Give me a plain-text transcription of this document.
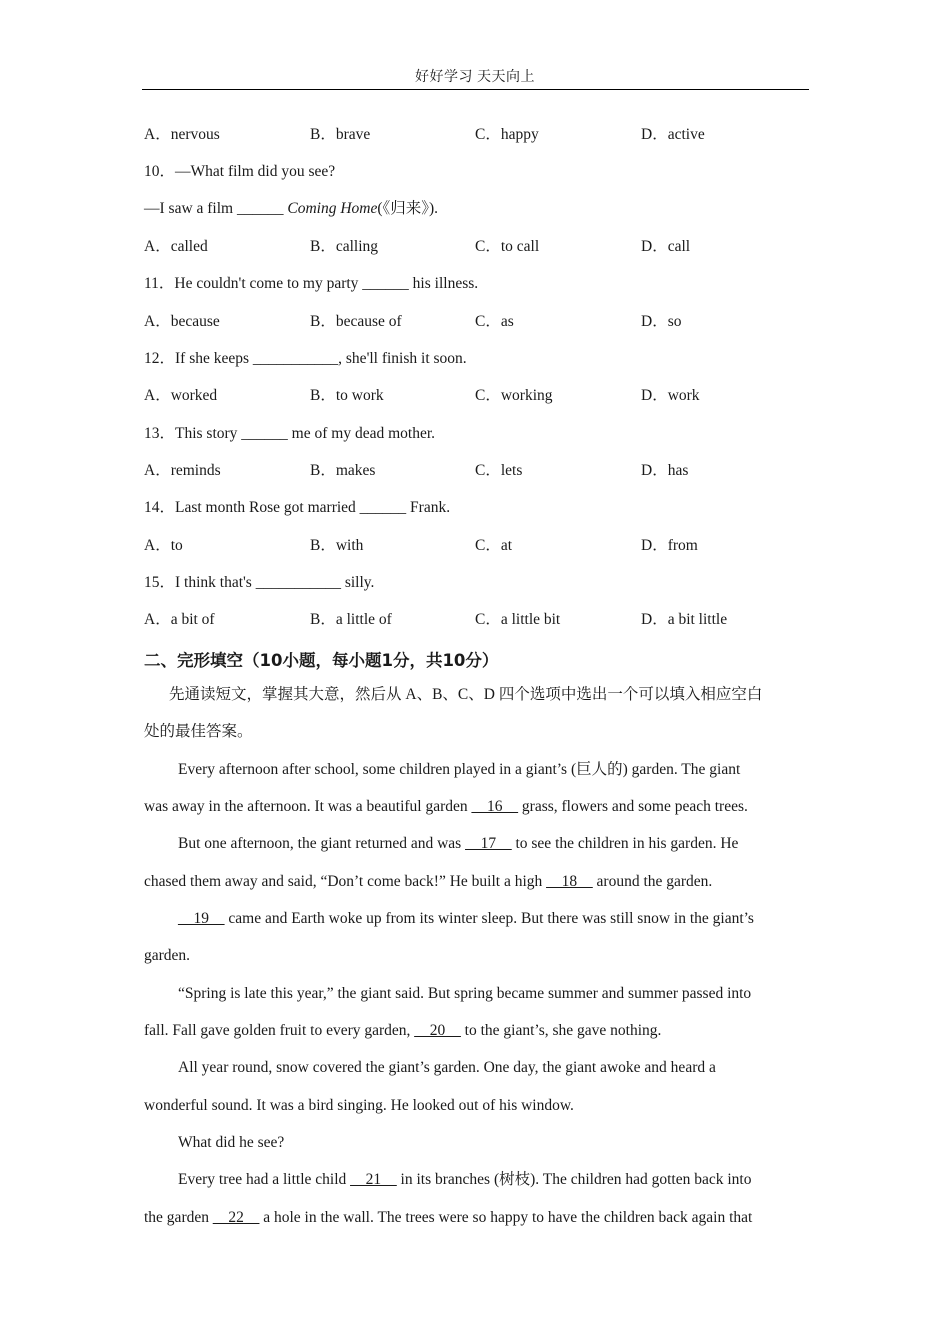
好好学习 天天向上
A．nervous	B．brave	C．happy	D．active
10．—What film did you see?
—I saw a film ______ Coming Home(《归来》).
A．called	B．calling	C．to call	D．call
11．He couldn't come to my party ______ his illness.
A．because	B．because of	C．as	D．so
12．If she keeps ___________, she'll finish it soon.
A．worked	B．to work	C．working	D．work
13．This story ______ me of my dead mother.
A．reminds	B．makes	C．lets	D．has
14．Last month Rose got married ______ Frank.
A．to	B．with	C．at	D．from
15．I think that's ___________ silly.
A．a bit of	B．a little of	C．a little bit	D．a bit little
二、完形填空（10小题，每小题1分，共10分）
先通读短文，掌握其大意，然后从 A、B、C、D 四个选项中选出一个可以填入相应空白
处的最佳答案。
Every afternoon after school, some children played in a giant’s (巨人的) garden. The giant
was away in the afternoon. It was a beautiful garden __16__ grass, flowers and some peach trees.
But one afternoon, the giant returned and was __17__ to see the children in his garden. He
chased them away and said, “Don’t come back!” He built a high __18__ around the garden.
__19__ came and Earth woke up from its winter sleep. But there was still snow in the giant’s
garden.
“Spring is late this year,” the giant said. But spring became summer and summer passed into
fall. Fall gave golden fruit to every garden, __20__ to the giant’s, she gave nothing.
All year round, snow covered the giant’s garden. One day, the giant awoke and heard a
wonderful sound. It was a bird singing. He looked out of his window.
What did he see?
Every tree had a little child __21__ in its branches (树枝). The children had gotten back into
the garden __22__ a hole in the wall. The trees were so happy to have the children back again that
